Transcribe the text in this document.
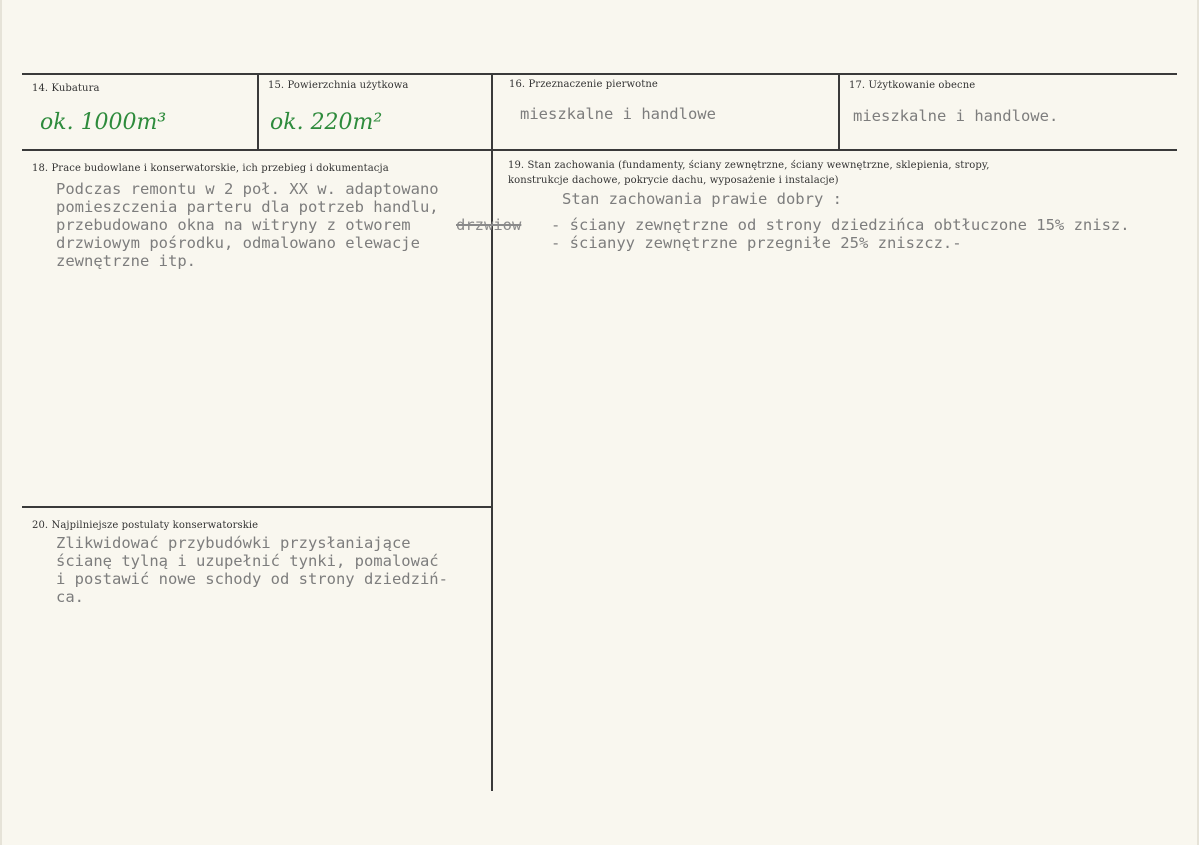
14. Kubatura
ok. 1000m³
15. Powierzchnia użytkowa
ok. 220m²
16. Przeznaczenie pierwotne
mieszkalne i handlowe
17. Użytkowanie obecne
mieszkalne i handlowe.
18. Prace budowlane i konserwatorskie, ich przebieg i dokumentacja
Podczas remontu w 2 poł. XX w. adaptowano
pomieszczenia parteru dla potrzeb handlu,
przebudowano okna na witryny z otworem	drzwiow
drzwiowym pośrodku, odmalowano elewacje
zewnętrzne itp.
19. Stan zachowania (fundamenty, ściany zewnętrzne, ściany wewnętrzne, sklepienia, stropy,
konstrukcje dachowe, pokrycie dachu, wyposażenie i instalacje)
Stan zachowania prawie dobry :
- ściany zewnętrzne od strony dziedzińca obtłuczone 15% znisz.
- ścianyy zewnętrzne przegniłe 25% zniszcz.-
20. Najpilniejsze postulaty konserwatorskie
Zlikwidować przybudówki przysłaniające
ścianę tylną i uzupełnić tynki, pomalować
i postawić nowe schody od strony dziedziń-
ca.
